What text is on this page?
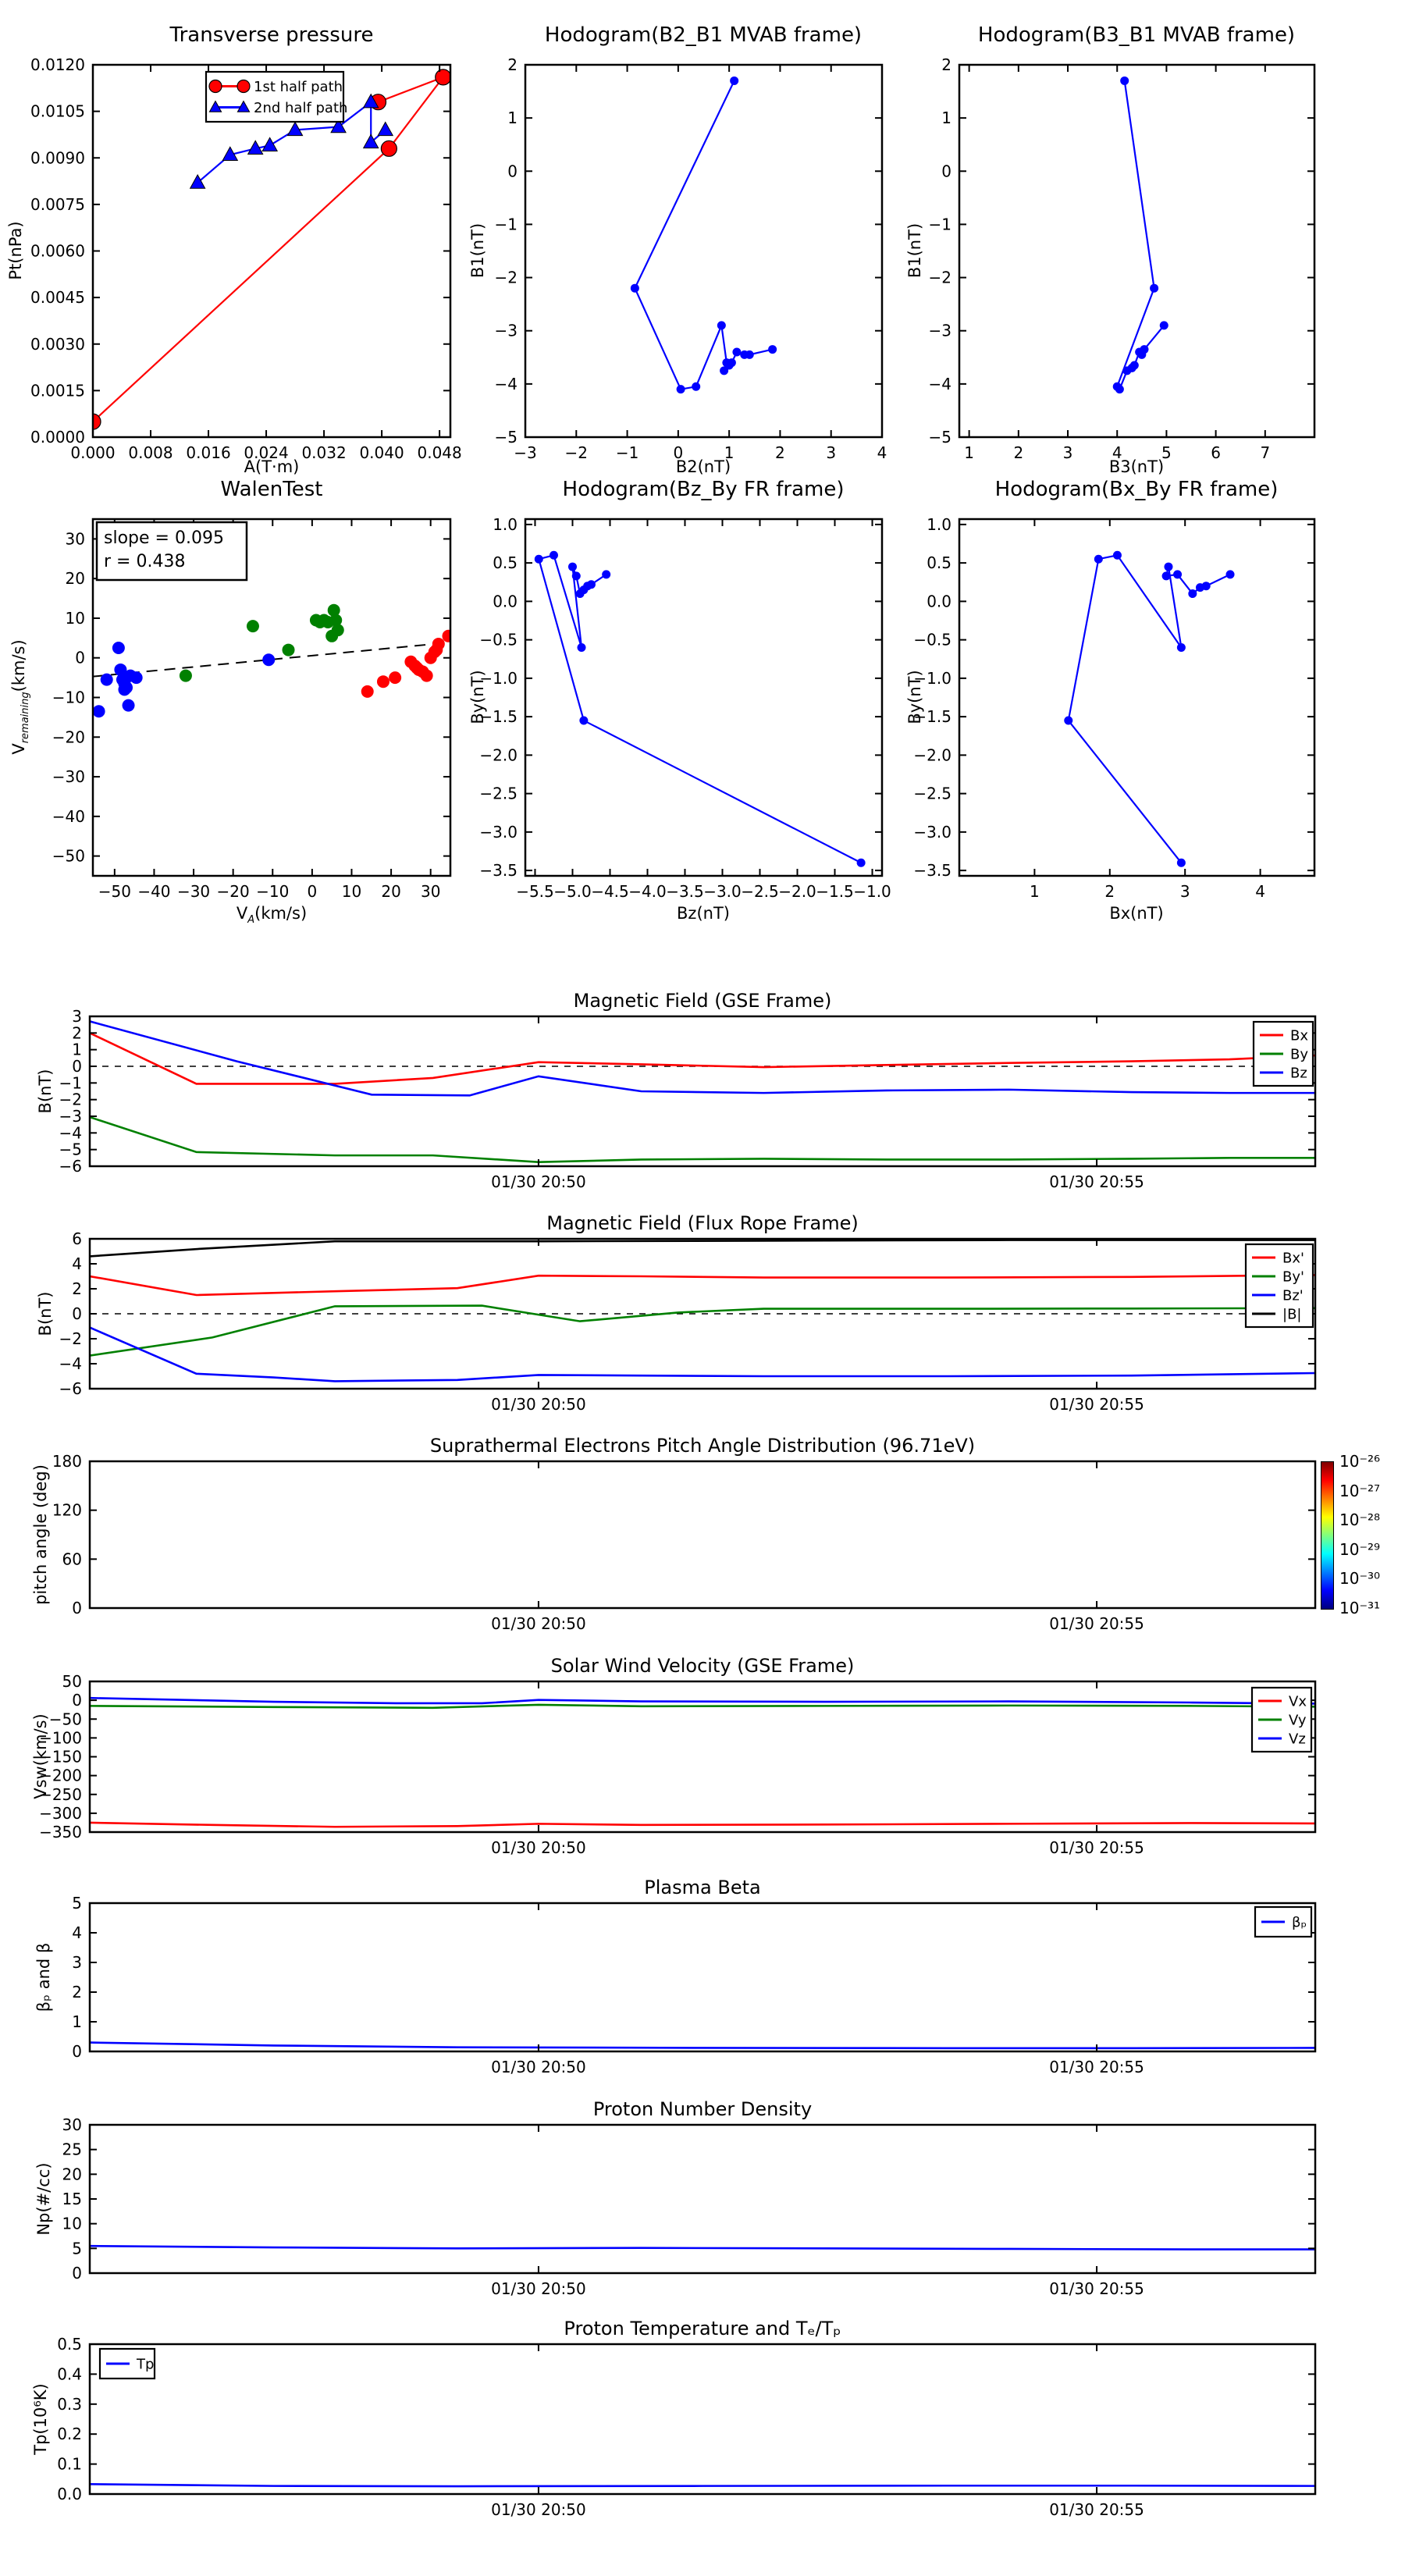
0.000 0.008 0.016 0.024 0.032 0.040 0.048
0.0000
0.0015
0.0030
0.0045
0.0060
0.0075
0.0090
0.0105
0.0120
1st half path
2nd half path
−3 −2 −1 0	1	2	3	4
−5
−4
−3
−2
−1
0
1
2
1	2	3	4	5	6	7
−5
−4
−3
−2
−1
0
1
2
−50 −40 −30 −20 −10 0 10 20 30
−50
−40
−30
−20
−10
0
10
20
30 slope = 0.095
r = 0.438
−5.5 −5.0 −4.5 −4.0 −3.5 −3.0 −2.5 −2.0 −1.5 −1.0
−3.5
−3.0
−2.5
−2.0
−1.5
−1.0
−0.5
0.0
0.5
1.0
1	2	3	4
−3.5
−3.0
−2.5
−2.0
−1.5
−1.0
−0.5
0.0
0.5
1.0
01/30 20:50	01/30 20:55
−6
−5
−4
−3
−2
−1
0
1
2
3
Bx
By
Bz
01/30 20:50	01/30 20:55
−6
−4
−2
0
2
4
6
Bx'
By'
Bz'
|B|
01/30 20:50	01/30 20:55
0
60
120
180
01/30 20:50	01/30 20:55
−350
−300
−250
−200
−150
−100
−50
0
50
Vx
Vy
Vz
01/30 20:50	01/30 20:55
0
1
2
3
4
5
βₚ
01/30 20:50	01/30 20:55
0
5
10
15
20
25
30
01/30 20:50	01/30 20:55
0.0
0.1
0.2
0.3
0.4
0.5
Tp
Transverse pressure	Hodogram(B2_B1 MVAB frame)	Hodogram(B3_B1 MVAB frame)
WalenTest	Hodogram(Bz_By FR frame)	Hodogram(Bx_By FR frame)
Magnetic Field (GSE Frame)
Magnetic Field (Flux Rope Frame)
Suprathermal Electrons Pitch Angle Distribution (96.71eV)
Solar Wind Velocity (GSE Frame)
Plasma Beta
Proton Number Density
Proton Temperature and Tₑ/Tₚ
Pt(nPa)
A(T·m)
B1(nT)
B2(nT)
B1(nT)
B3(nT)
$V_{remaining}(km/s)$
$V_A(km/s)$
By(nT)
Bz(nT)
By(nT)
Bx(nT)
B(nT)
B(nT)
pitch angle (deg)
Vsw(km/s)
βₚ and β
Np(#/cc)
Tp(10⁶K)
10⁻²⁶
10⁻²⁷
10⁻²⁸
10⁻²⁹
10⁻³⁰
10⁻³¹
